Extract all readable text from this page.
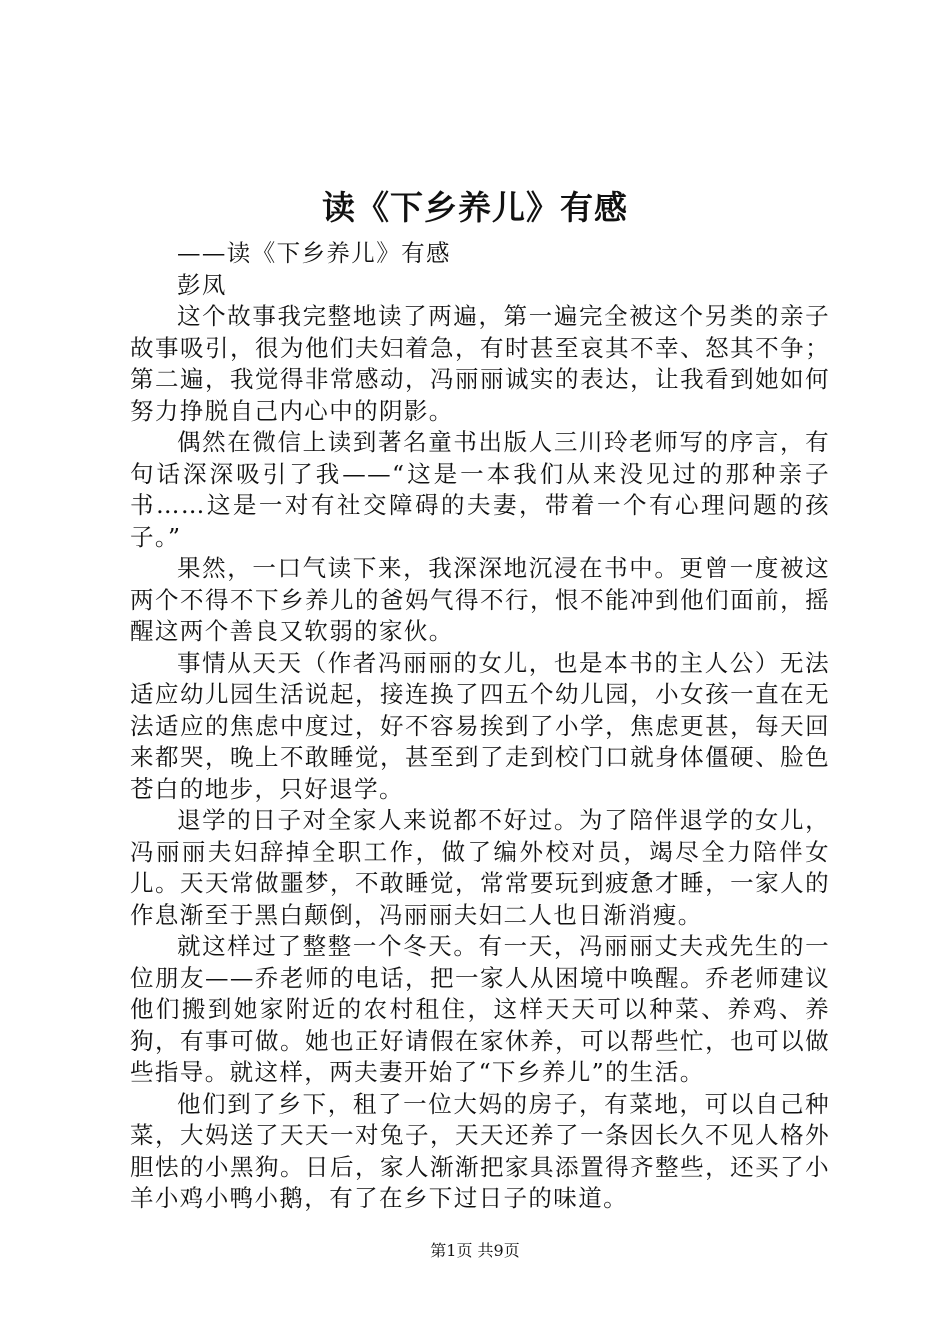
读《下乡养儿》有感

——读《下乡养儿》有感

彭凤

这个故事我完整地读了两遍，第一遍完全被这个另类的亲子故事吸引，很为他们夫妇着急，有时甚至哀其不幸、怒其不争；第二遍，我觉得非常感动，冯丽丽诚实的表达，让我看到她如何努力挣脱自己内心中的阴影。

偶然在微信上读到著名童书出版人三川玲老师写的序言，有句话深深吸引了我——“这是一本我们从来没见过的那种亲子书……这是一对有社交障碍的夫妻，带着一个有心理问题的孩子。”

果然，一口气读下来，我深深地沉浸在书中。更曾一度被这两个不得不下乡养儿的爸妈气得不行，恨不能冲到他们面前，摇醒这两个善良又软弱的家伙。

事情从天天（作者冯丽丽的女儿，也是本书的主人公）无法适应幼儿园生活说起，接连换了四五个幼儿园，小女孩一直在无法适应的焦虑中度过，好不容易挨到了小学，焦虑更甚，每天回来都哭，晚上不敢睡觉，甚至到了走到校门口就身体僵硬、脸色苍白的地步，只好退学。

退学的日子对全家人来说都不好过。为了陪伴退学的女儿，冯丽丽夫妇辞掉全职工作，做了编外校对员，竭尽全力陪伴女儿。天天常做噩梦，不敢睡觉，常常要玩到疲惫才睡，一家人的作息渐至于黑白颠倒，冯丽丽夫妇二人也日渐消瘦。

就这样过了整整一个冬天。有一天，冯丽丽丈夫戎先生的一位朋友——乔老师的电话，把一家人从困境中唤醒。乔老师建议他们搬到她家附近的农村租住，这样天天可以种菜、养鸡、养狗，有事可做。她也正好请假在家休养，可以帮些忙，也可以做些指导。就这样，两夫妻开始了“下乡养儿”的生活。

他们到了乡下，租了一位大妈的房子，有菜地，可以自己种菜，大妈送了天天一对兔子，天天还养了一条因长久不见人格外胆怯的小黑狗。日后，家人渐渐把家具添置得齐整些，还买了小羊小鸡小鸭小鹅，有了在乡下过日子的味道。

第1页 共9页
